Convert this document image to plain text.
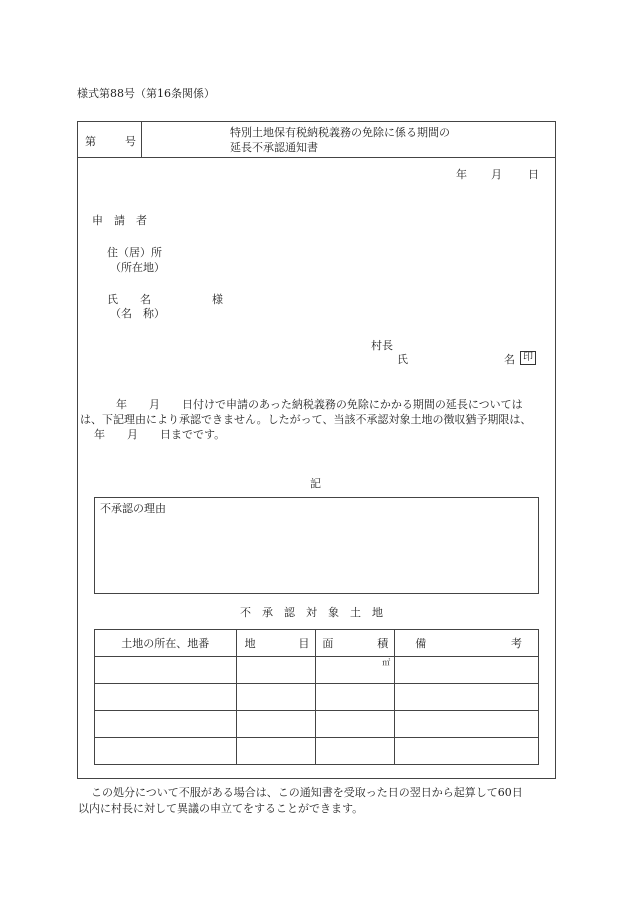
様式第88号（第16条関係）
第	号
特別土地保有税納税義務の免除に係る期間の
延長不承認通知書
年 月 日
申　請　者
住（居）所
（所在地）
氏　　名	様
（名　称）
村長
氏	名 印
年　　月　　日付けで申請のあった納税義務の免除にかかる期間の延長については
は、下記理由により承認できません。したがって、当該不承認対象土地の徴収猶予期限は、
年　　月　　日までです。
記
不承認の理由
不　承　認　対　象　土　地
土地の所在、地番	地 目	面 積	備 考

		㎡	

この処分について不服がある場合は、この通知書を受取った日の翌日から起算して60日
以内に村長に対して異議の申立てをすることができます。
